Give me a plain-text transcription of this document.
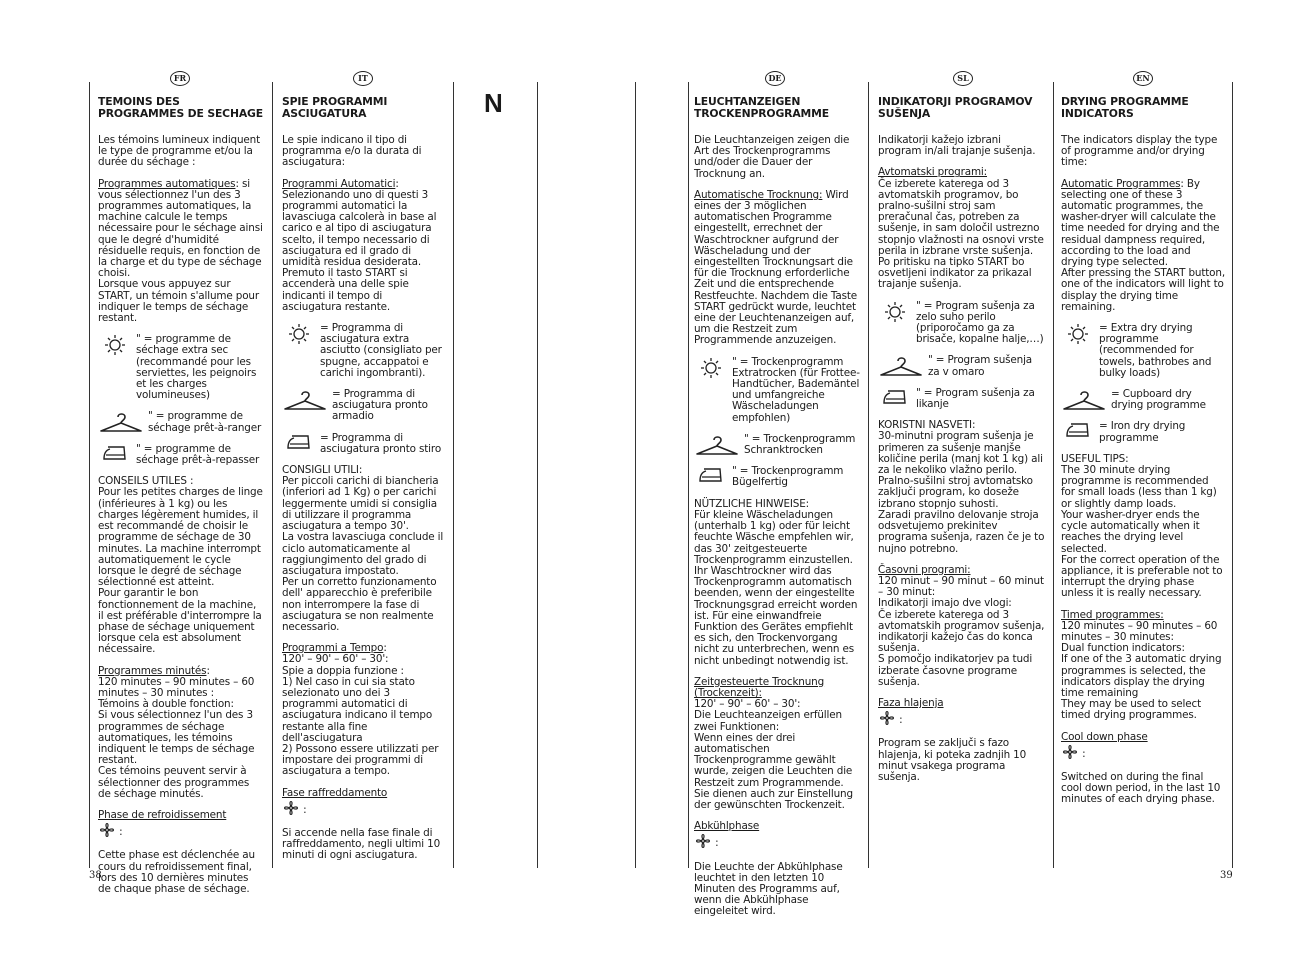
FR	IT	DE	SL	EN
N
38	39

TEMOINS DES PROGRAMMES DE SECHAGE

Les témoins lumineux indiquent le type de programme et/ou la durée du séchage :

Programmes automatiques: si vous sélectionnez l'un des 3 programmes automatiques, la machine calcule le temps nécessaire pour le séchage ainsi que le degré d'humidité résiduelle requis, en fonction de la charge et du type de séchage choisi.
Lorsque vous appuyez sur START, un témoin s'allume pour indiquer le temps de séchage restant.

" = programme de séchage extra sec (recommandé pour les serviettes, les peignoirs et les charges volumineuses)
" = programme de séchage prêt-à-ranger
" = programme de séchage prêt-à-repasser

CONSEILS UTILES :
Pour les petites charges de linge (inférieures à 1 kg) ou les charges légèrement humides, il est recommandé de choisir le programme de séchage de 30 minutes. La machine interrompt automatiquement le cycle lorsque le degré de séchage sélectionné est atteint.
Pour garantir le bon fonctionnement de la machine, il est préférable d'interrompre la phase de séchage uniquement lorsque cela est absolument nécessaire.

Programmes minutés:
120 minutes – 90 minutes – 60 minutes – 30 minutes :
Témoins à double fonction:
Si vous sélectionnez l'un des 3 programmes de séchage automatiques, les témoins indiquent le temps de séchage restant.
Ces témoins peuvent servir à sélectionner des programmes de séchage minutés.

Phase de refroidissement
:

Cette phase est déclenchée au cours du refroidissement final, lors des 10 dernières minutes de chaque phase de séchage.

SPIE PROGRAMMI ASCIUGATURA

Le spie indicano il tipo di programma e/o la durata di asciugatura:

Programmi Automatici:
Selezionando uno di questi 3 programmi automatici la lavasciuga calcolerà in base al carico e al tipo di asciugatura scelto, il tempo necessario di asciugatura ed il grado di umidità residua desiderata.
Premuto il tasto START si accenderà una delle spie indicanti il tempo di asciugatura restante.

= Programma di asciugatura extra asciutto (consigliato per spugne, accappatoi e carichi ingombranti).
= Programma di asciugatura pronto armadio
= Programma di asciugatura pronto stiro

CONSIGLI UTILI:
Per piccoli carichi di biancheria (inferiori ad 1 Kg) o per carichi leggermente umidi si consiglia di utilizzare il programma asciugatura a tempo 30'.
La vostra lavasciuga conclude il ciclo automaticamente al raggiungimento del grado di asciugatura impostato.
Per un corretto funzionamento dell' apparecchio è preferibile non interrompere la fase di asciugatura se non realmente necessario.

Programmi a Tempo:
120' – 90' – 60' – 30':
Spie a doppia funzione :
1) Nel caso in cui sia stato selezionato uno dei 3 programmi automatici di asciugatura indicano il tempo restante alla fine dell'asciugatura
2) Possono essere utilizzati per impostare dei programmi di asciugatura a tempo.

Fase raffreddamento
:

Si accende nella fase finale di raffreddamento, negli ultimi 10 minuti di ogni asciugatura.

LEUCHTANZEIGEN TROCKENPROGRAMME

Die Leuchtanzeigen zeigen die Art des Trockenprogramms und/oder die Dauer der Trocknung an.

Automatische Trocknung: Wird eines der 3 möglichen automatischen Programme eingestellt, errechnet der Waschtrockner aufgrund der Wäscheladung und der eingestellten Trocknungsart die für die Trocknung erforderliche Zeit und die entsprechende Restfeuchte. Nachdem die Taste START gedrückt wurde, leuchtet eine der Leuchtenanzeigen auf, um die Restzeit zum Programmende anzuzeigen.

" = Trockenprogramm Extratrocken (für Frottee-Handtücher, Bademäntel und umfangreiche Wäscheladungen empfohlen)
" = Trockenprogramm Schranktrocken
" = Trockenprogramm Bügelfertig

NÜTZLICHE HINWEISE:
Für kleine Wäscheladungen (unterhalb 1 kg) oder für leicht feuchte Wäsche empfehlen wir, das 30' zeitgesteuerte Trockenprogramm einzustellen. Ihr Waschtrockner wird das Trockenprogramm automatisch beenden, wenn der eingestellte Trocknungsgrad erreicht worden ist. Für eine einwandfreie Funktion des Gerätes empfiehlt es sich, den Trockenvorgang nicht zu unterbrechen, wenn es nicht unbedingt notwendig ist.

Zeitgesteuerte Trocknung (Trockenzeit):
120' – 90' – 60' – 30':
Die Leuchteanzeigen erfüllen zwei Funktionen:
Wenn eines der drei automatischen Trockenprogramme gewählt wurde, zeigen die Leuchten die Restzeit zum Programmende. Sie dienen auch zur Einstellung der gewünschten Trockenzeit.

Abkühlphase
:

Die Leuchte der Abkühlphase leuchtet in den letzten 10 Minuten des Programms auf, wenn die Abkühlphase eingeleitet wird.

INDIKATORJI PROGRAMOV SUŠENJA

Indikatorji kažejo izbrani program in/ali trajanje sušenja.

Avtomatski programi:
Če izberete katerega od 3 avtomatskih programov, bo pralno-sušilni stroj sam preračunal čas, potreben za sušenje, in sam določil ustrezno stopnjo vlažnosti na osnovi vrste perila in izbrane vrste sušenja.
Po pritisku na tipko START bo osvetljeni indikator za prikazal trajanje sušenja.

" = Program sušenja za zelo suho perilo (priporočamo ga za brisače, kopalne halje,…)
" = Program sušenja za v omaro
" = Program sušenja za likanje

KORISTNI NASVETI:
30-minutni program sušenja je primeren za sušenje manjše količine perila (manj kot 1 kg) ali za le nekoliko vlažno perilo. Pralno-sušilni stroj avtomatsko zaključi program, ko doseže izbrano stopnjo suhosti.
Zaradi pravilno delovanje stroja odsvetujemo prekinitev programa sušenja, razen če je to nujno potrebno.

Časovni programi:
120 minut – 90 minut – 60 minut – 30 minut:
Indikatorji imajo dve vlogi:
Če izberete katerega od 3 avtomatskih programov sušenja, indikatorji kažejo čas do konca sušenja.
S pomočjo indikatorjev pa tudi izberate časovne programe sušenja.

Faza hlajenja
:

Program se zaključi s fazo hlajenja, ki poteka zadnjih 10 minut vsakega programa sušenja.

DRYING PROGRAMME INDICATORS

The indicators display the type of programme and/or drying time:

Automatic Programmes: By selecting one of these 3 automatic programmes, the washer-dryer will calculate the time needed for drying and the residual dampness required, according to the load and drying type selected.
After pressing the START button, one of the indicators will light to display the drying time remaining.

= Extra dry drying programme (recommended for towels, bathrobes and bulky loads)
= Cupboard dry drying programme
= Iron dry drying programme

USEFUL TIPS:
The 30 minute drying programme is recommended for small loads (less than 1 kg) or slightly damp loads.
Your washer-dryer ends the cycle automatically when it reaches the drying level selected.
For the correct operation of the appliance, it is preferable not to interrupt the drying phase unless it is really necessary.

Timed programmes:
120 minutes – 90 minutes – 60 minutes – 30 minutes:
Dual function indicators:
If one of the 3 automatic drying programmes is selected, the indicators display the drying time remaining
They may be used to select timed drying programmes.

Cool down phase
:

Switched on during the final cool down period, in the last 10 minutes of each drying phase.
